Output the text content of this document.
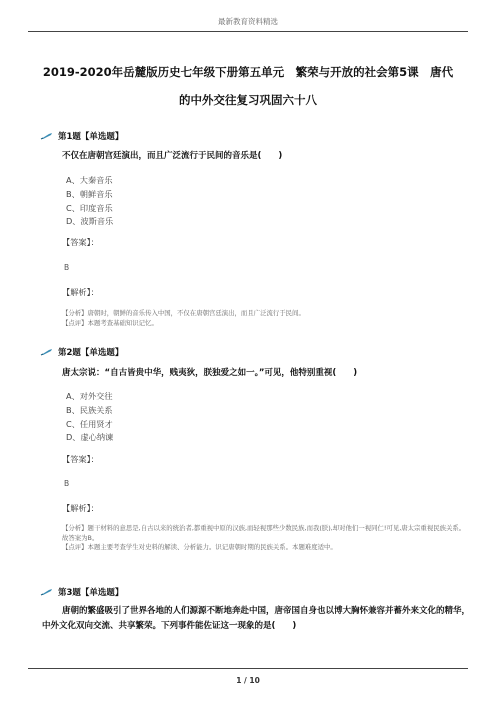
最新教育资料精选
2019-2020年岳麓版历史七年级下册第五单元　繁荣与开放的社会第5课　唐代
的中外交往复习巩固六十八
第1题【单选题】
不仅在唐朝宫廷演出，而且广泛流行于民间的音乐是(　　)
A、大秦音乐
B、朝鲜音乐
C、印度音乐
D、波斯音乐
【答案】：
B
【解析】：

【分析】唐朝时，朝鲜的音乐传入中国，不仅在唐朝宫廷演出，而且广泛流行于民间。

【点评】本题考查基础知识记忆。

第2题【单选题】
唐太宗说：“自古皆贵中华，贱夷狄，朕独爱之如一。”可见，他特别重视(　　)
A、对外交往
B、民族关系
C、任用贤才
D、虚心纳谏
【答案】：
B
【解析】：

【分析】题干材料的意思是,自古以来的统治者,都重视中原的汉族,而轻视那些少数民族,而我(朕),却对他们一视同仁!可见,唐太宗重视民族关系。

故答案为B。

【点评】本题主要考查学生对史料的解读、分析能力。识记唐朝时期的民族关系。本题难度适中。

第3题【单选题】
唐朝的繁盛吸引了世界各地的人们源源不断地奔赴中国，唐帝国自身也以博大胸怀兼容并蓄外来文化的精华，中外文化双向交流、共享繁荣。下列事件能佐证这一现象的是(　　)
1 / 10
